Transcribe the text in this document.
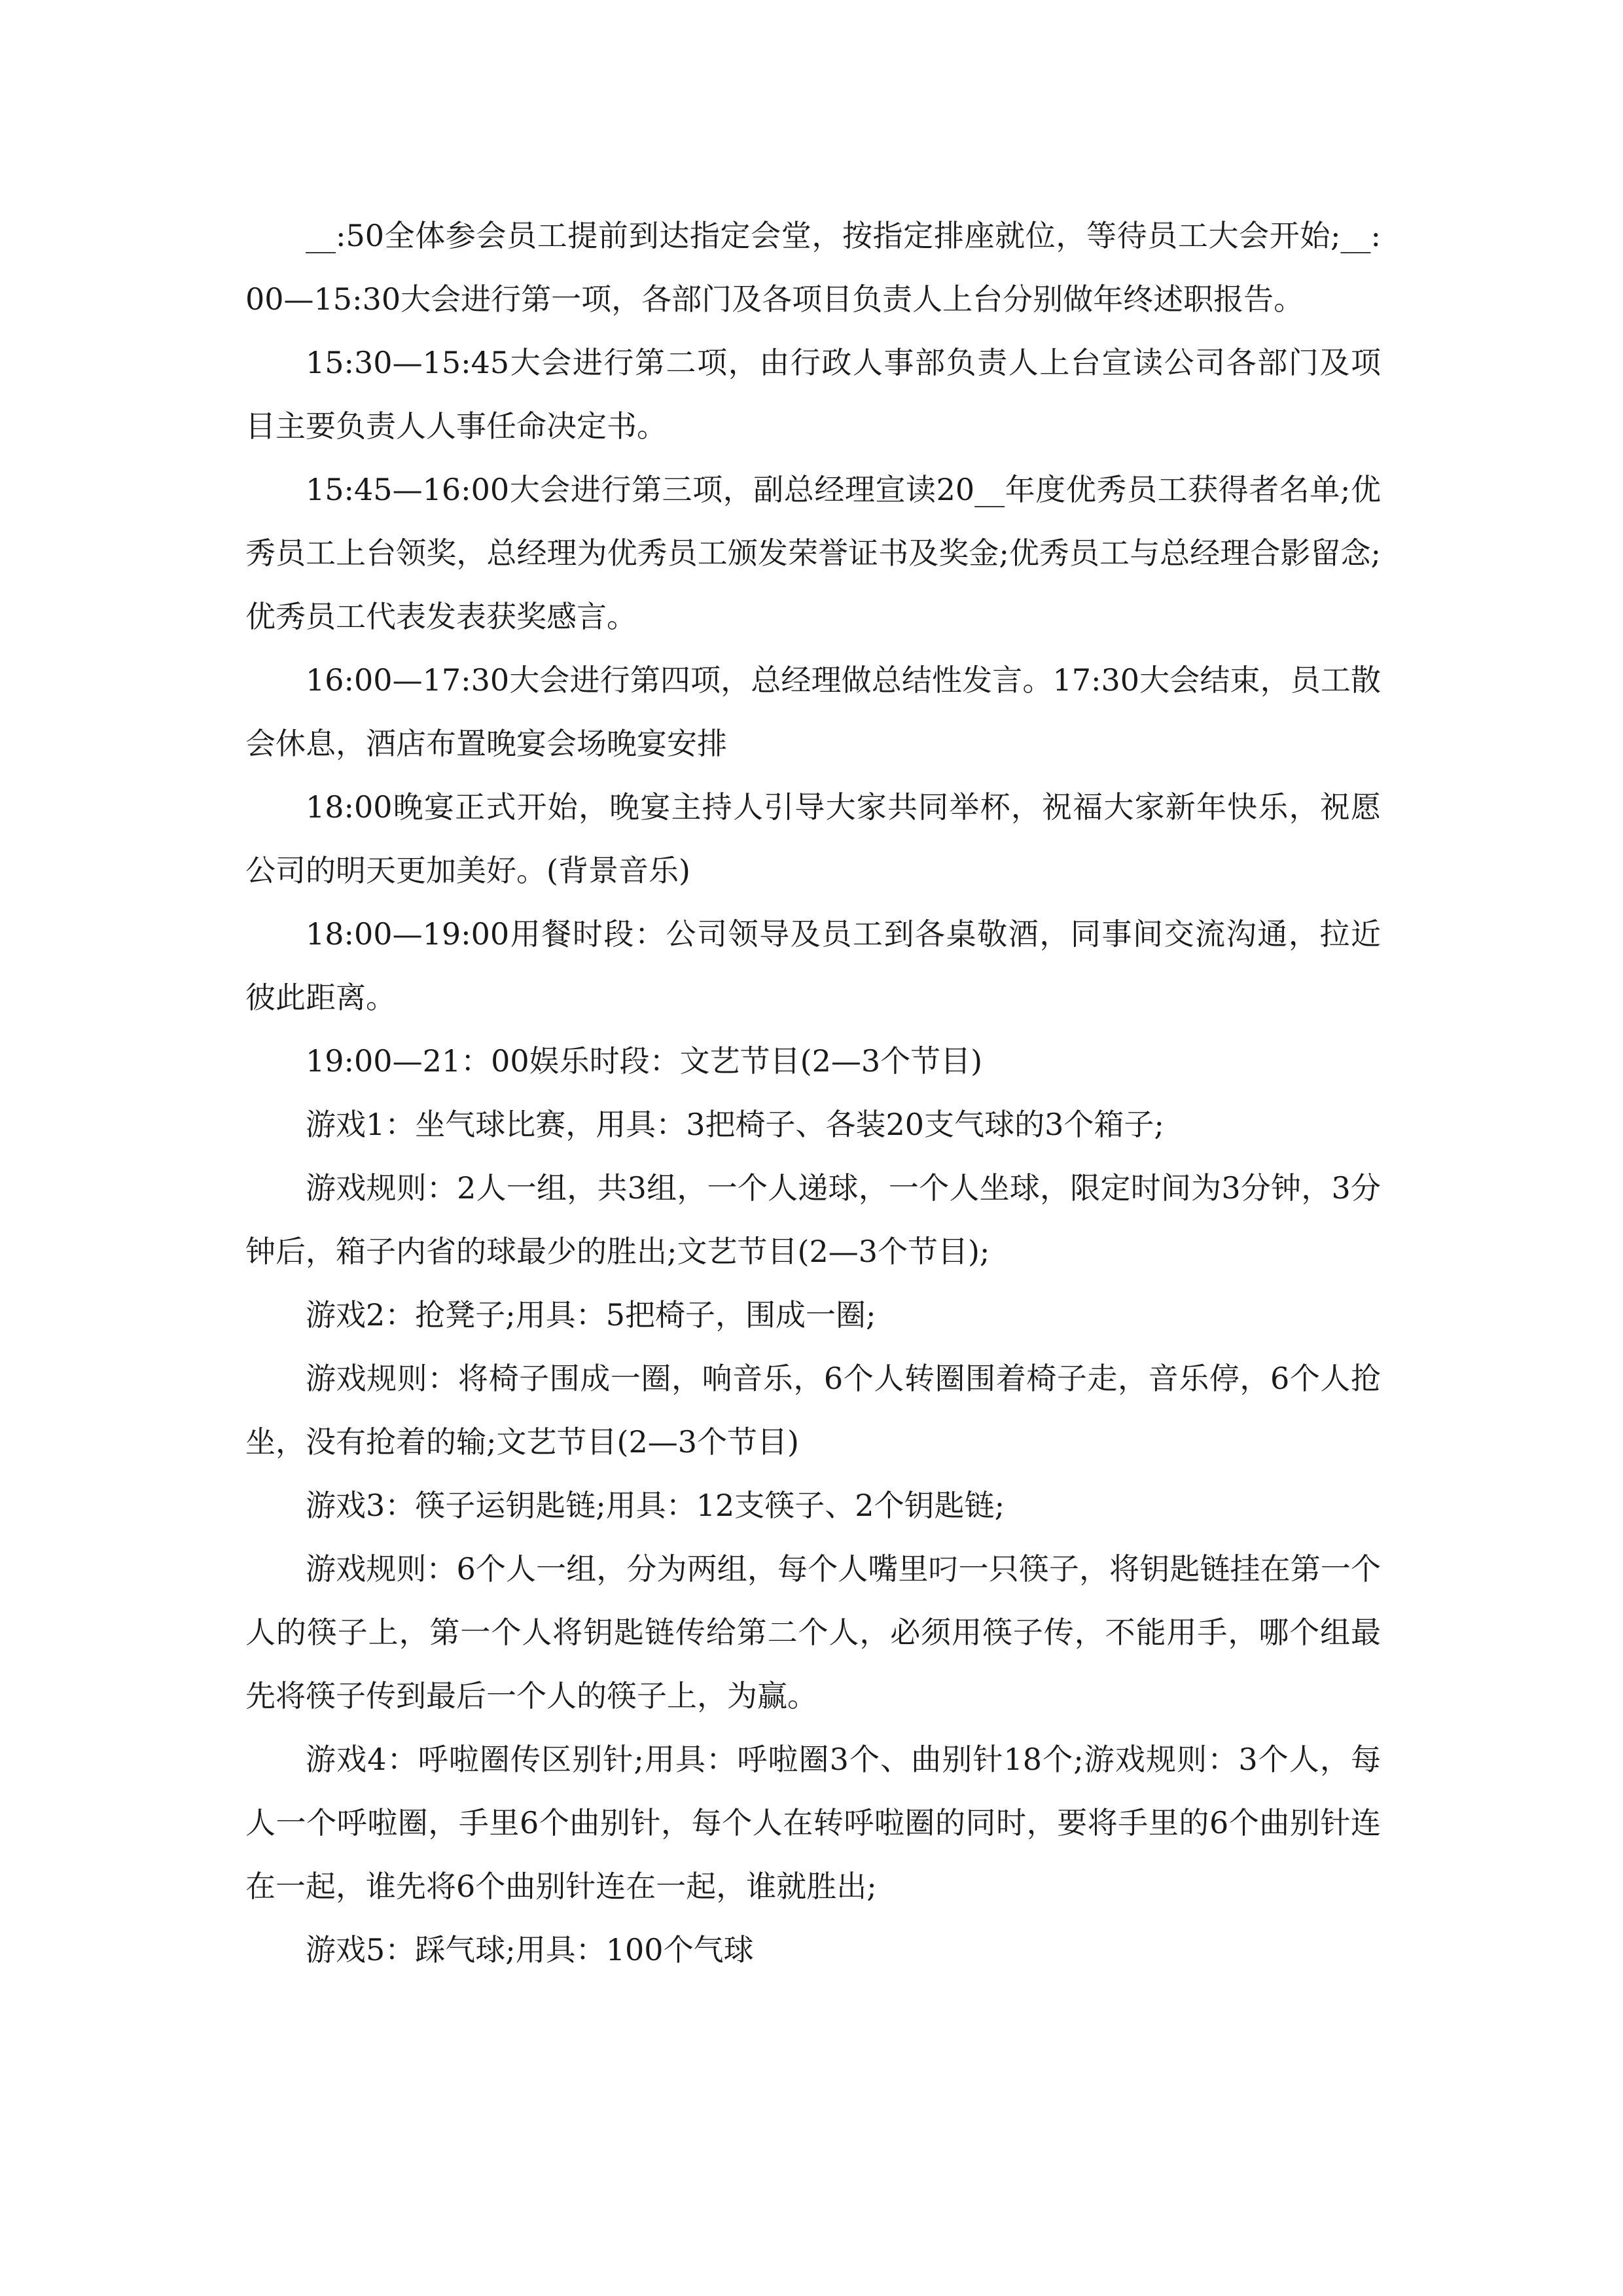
__:50全体参会员工提前到达指定会堂，按指定排座就位，等待员工大会开始;__:00—15:30大会进行第一项，各部门及各项目负责人上台分别做年终述职报告。

15:30—15:45大会进行第二项，由行政人事部负责人上台宣读公司各部门及项目主要负责人人事任命决定书。

15:45—16:00大会进行第三项，副总经理宣读20__年度优秀员工获得者名单;优秀员工上台领奖，总经理为优秀员工颁发荣誉证书及奖金;优秀员工与总经理合影留念;优秀员工代表发表获奖感言。

16:00—17:30大会进行第四项，总经理做总结性发言。17:30大会结束，员工散会休息，酒店布置晚宴会场晚宴安排

18:00晚宴正式开始，晚宴主持人引导大家共同举杯，祝福大家新年快乐，祝愿公司的明天更加美好。(背景音乐)

18:00—19:00用餐时段：公司领导及员工到各桌敬酒，同事间交流沟通，拉近彼此距离。

19:00—21：00娱乐时段：文艺节目(2—3个节目)

游戏1：坐气球比赛，用具：3把椅子、各装20支气球的3个箱子;

游戏规则：2人一组，共3组，一个人递球，一个人坐球，限定时间为3分钟，3分钟后，箱子内省的球最少的胜出;文艺节目(2—3个节目);

游戏2：抢凳子;用具：5把椅子，围成一圈;

游戏规则：将椅子围成一圈，响音乐，6个人转圈围着椅子走，音乐停，6个人抢坐，没有抢着的输;文艺节目(2—3个节目)

游戏3：筷子运钥匙链;用具：12支筷子、2个钥匙链;

游戏规则：6个人一组，分为两组，每个人嘴里叼一只筷子，将钥匙链挂在第一个人的筷子上，第一个人将钥匙链传给第二个人，必须用筷子传，不能用手，哪个组最先将筷子传到最后一个人的筷子上，为赢。

游戏4：呼啦圈传区别针;用具：呼啦圈3个、曲别针18个;游戏规则：3个人，每人一个呼啦圈，手里6个曲别针，每个人在转呼啦圈的同时，要将手里的6个曲别针连在一起，谁先将6个曲别针连在一起，谁就胜出;

游戏5：踩气球;用具：100个气球
